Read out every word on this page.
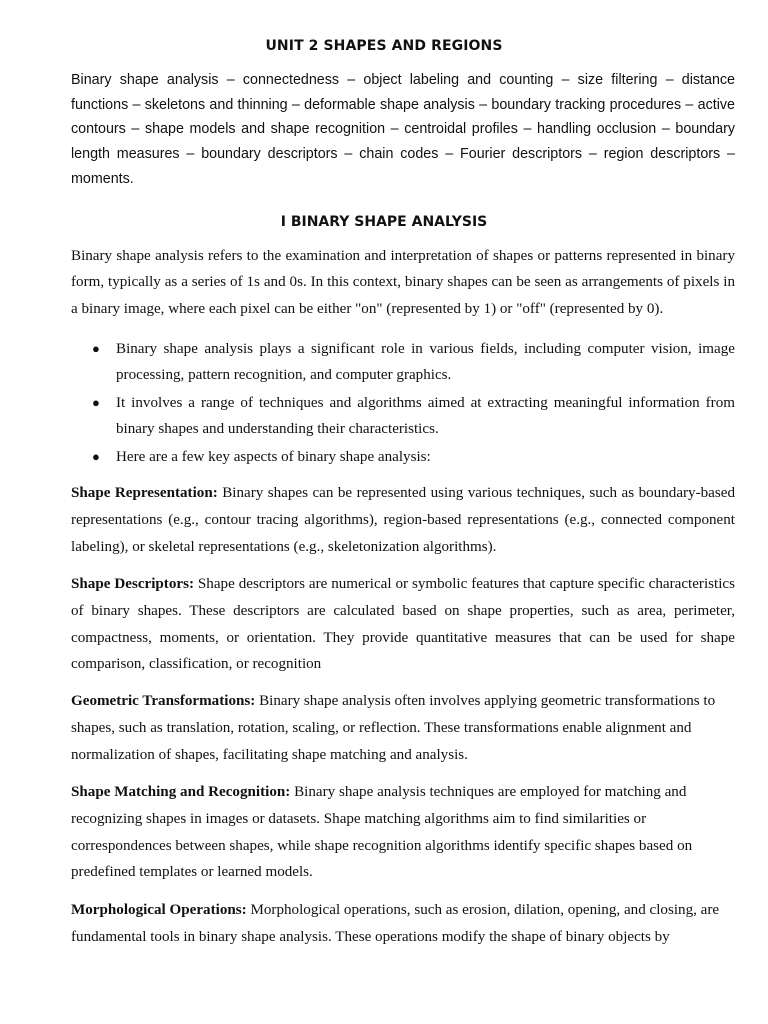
UNIT 2 SHAPES AND REGIONS

Binary shape analysis – connectedness – object labeling and counting – size filtering – distance functions – skeletons and thinning – deformable shape analysis – boundary tracking procedures – active contours – shape models and shape recognition – centroidal profiles – handling occlusion – boundary length measures – boundary descriptors – chain codes – Fourier descriptors – region descriptors – moments.

I BINARY SHAPE ANALYSIS

Binary shape analysis refers to the examination and interpretation of shapes or patterns represented in binary form, typically as a series of 1s and 0s. In this context, binary shapes can be seen as arrangements of pixels in a binary image, where each pixel can be either "on" (represented by 1) or "off" (represented by 0).

● Binary shape analysis plays a significant role in various fields, including computer vision, image processing, pattern recognition, and computer graphics.
● It involves a range of techniques and algorithms aimed at extracting meaningful information from binary shapes and understanding their characteristics.
● Here are a few key aspects of binary shape analysis:

Shape Representation: Binary shapes can be represented using various techniques, such as boundary-based representations (e.g., contour tracing algorithms), region-based representations (e.g., connected component labeling), or skeletal representations (e.g., skeletonization algorithms).

Shape Descriptors: Shape descriptors are numerical or symbolic features that capture specific characteristics of binary shapes. These descriptors are calculated based on shape properties, such as area, perimeter, compactness, moments, or orientation. They provide quantitative measures that can be used for shape comparison, classification, or recognition

Geometric Transformations: Binary shape analysis often involves applying geometric transformations to shapes, such as translation, rotation, scaling, or reflection. These transformations enable alignment and normalization of shapes, facilitating shape matching and analysis.

Shape Matching and Recognition: Binary shape analysis techniques are employed for matching and recognizing shapes in images or datasets. Shape matching algorithms aim to find similarities or correspondences between shapes, while shape recognition algorithms identify specific shapes based on predefined templates or learned models.

Morphological Operations: Morphological operations, such as erosion, dilation, opening, and closing, are fundamental tools in binary shape analysis. These operations modify the shape of binary objects by
